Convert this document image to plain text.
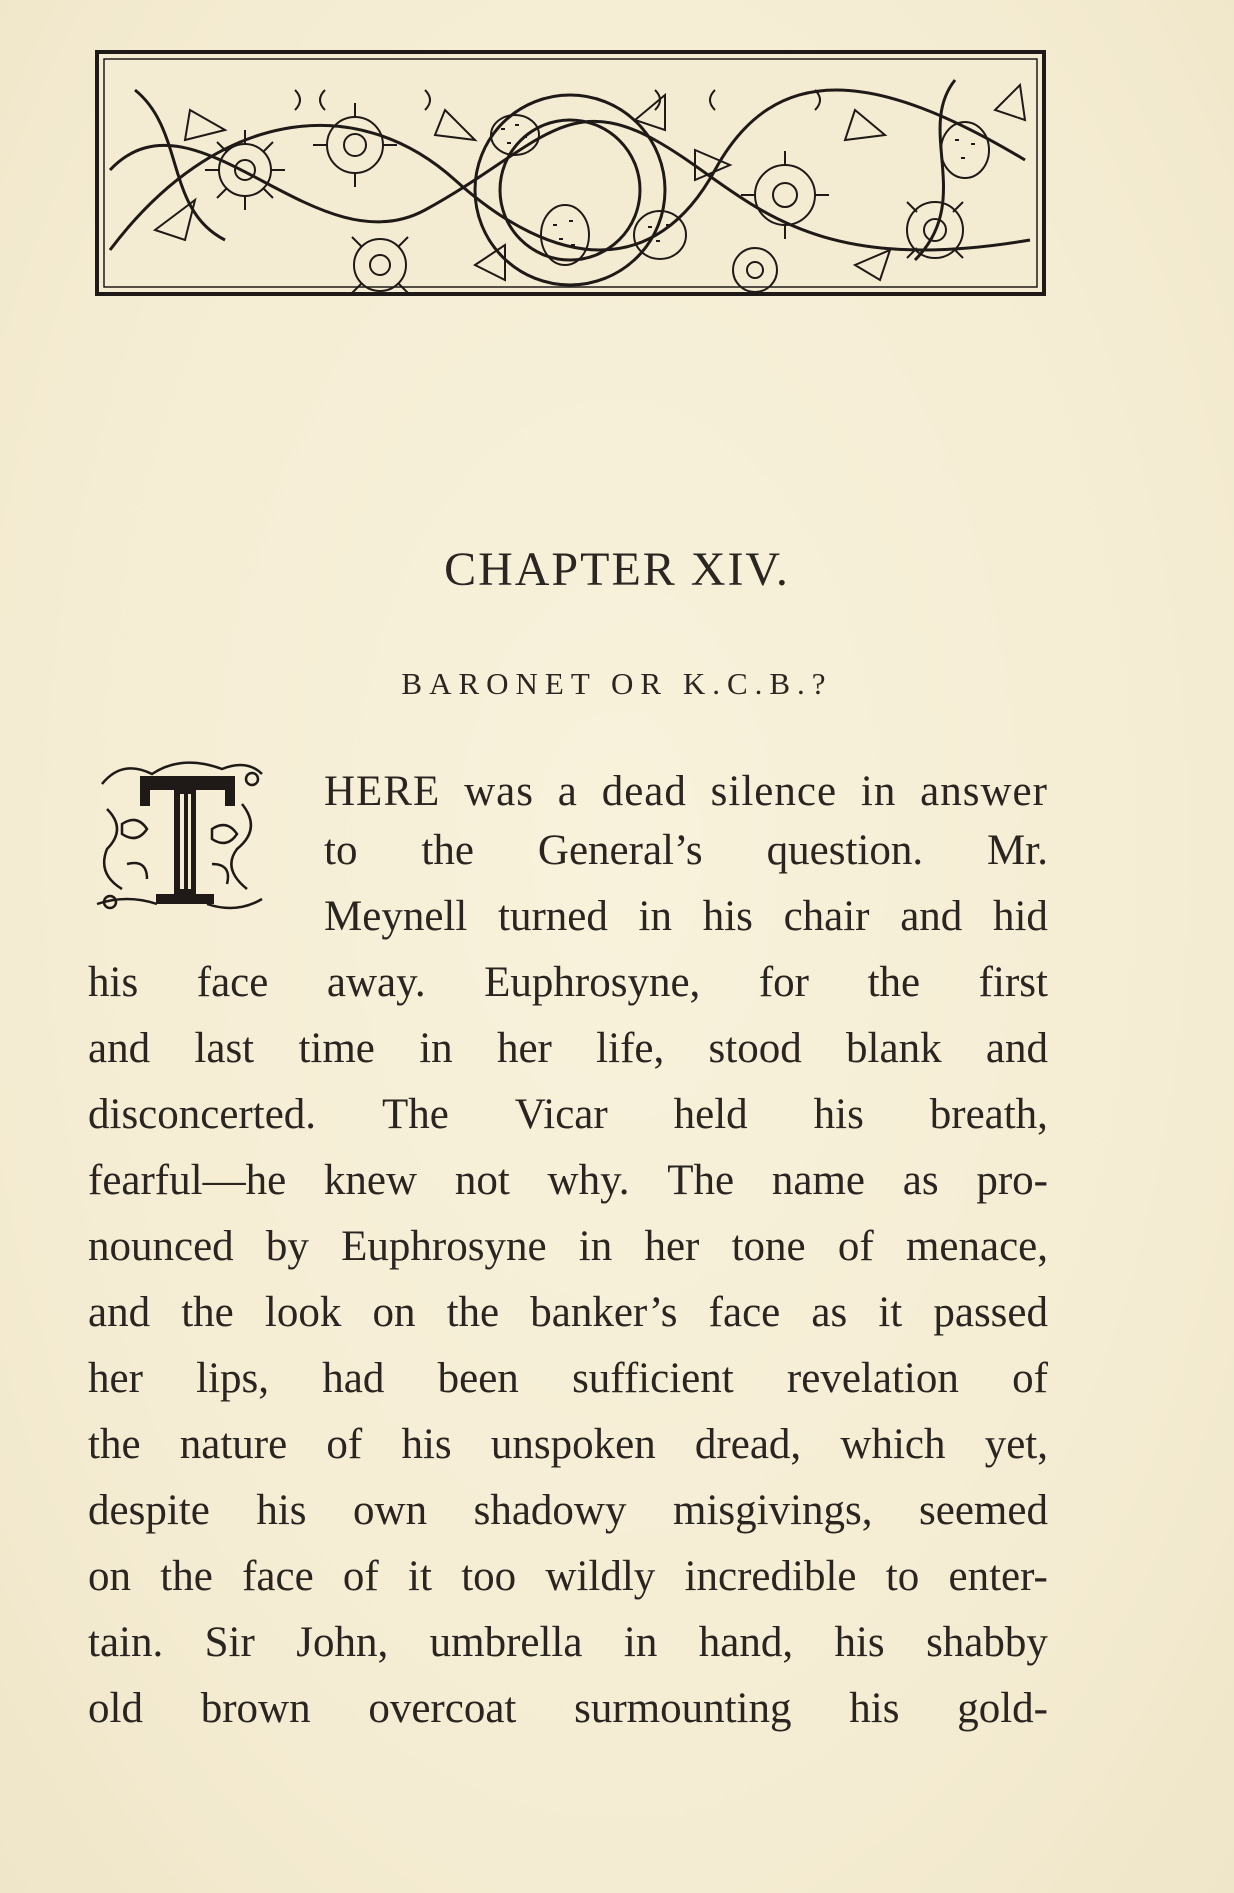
CHAPTER XIV.
BARONET OR K.C.B.?
HERE was a dead silence in answer
to the General’s question. Mr.
Meynell turned in his chair and hid
his face away. Euphrosyne, for the first
and last time in her life, stood blank and
disconcerted. The Vicar held his breath,
fearful—he knew not why. The name as pro-
nounced by Euphrosyne in her tone of menace,
and the look on the banker’s face as it passed
her lips, had been sufficient revelation of
the nature of his unspoken dread, which yet,
despite his own shadowy misgivings, seemed
on the face of it too wildly incredible to enter-
tain. Sir John, umbrella in hand, his shabby
old brown overcoat surmounting his gold-
